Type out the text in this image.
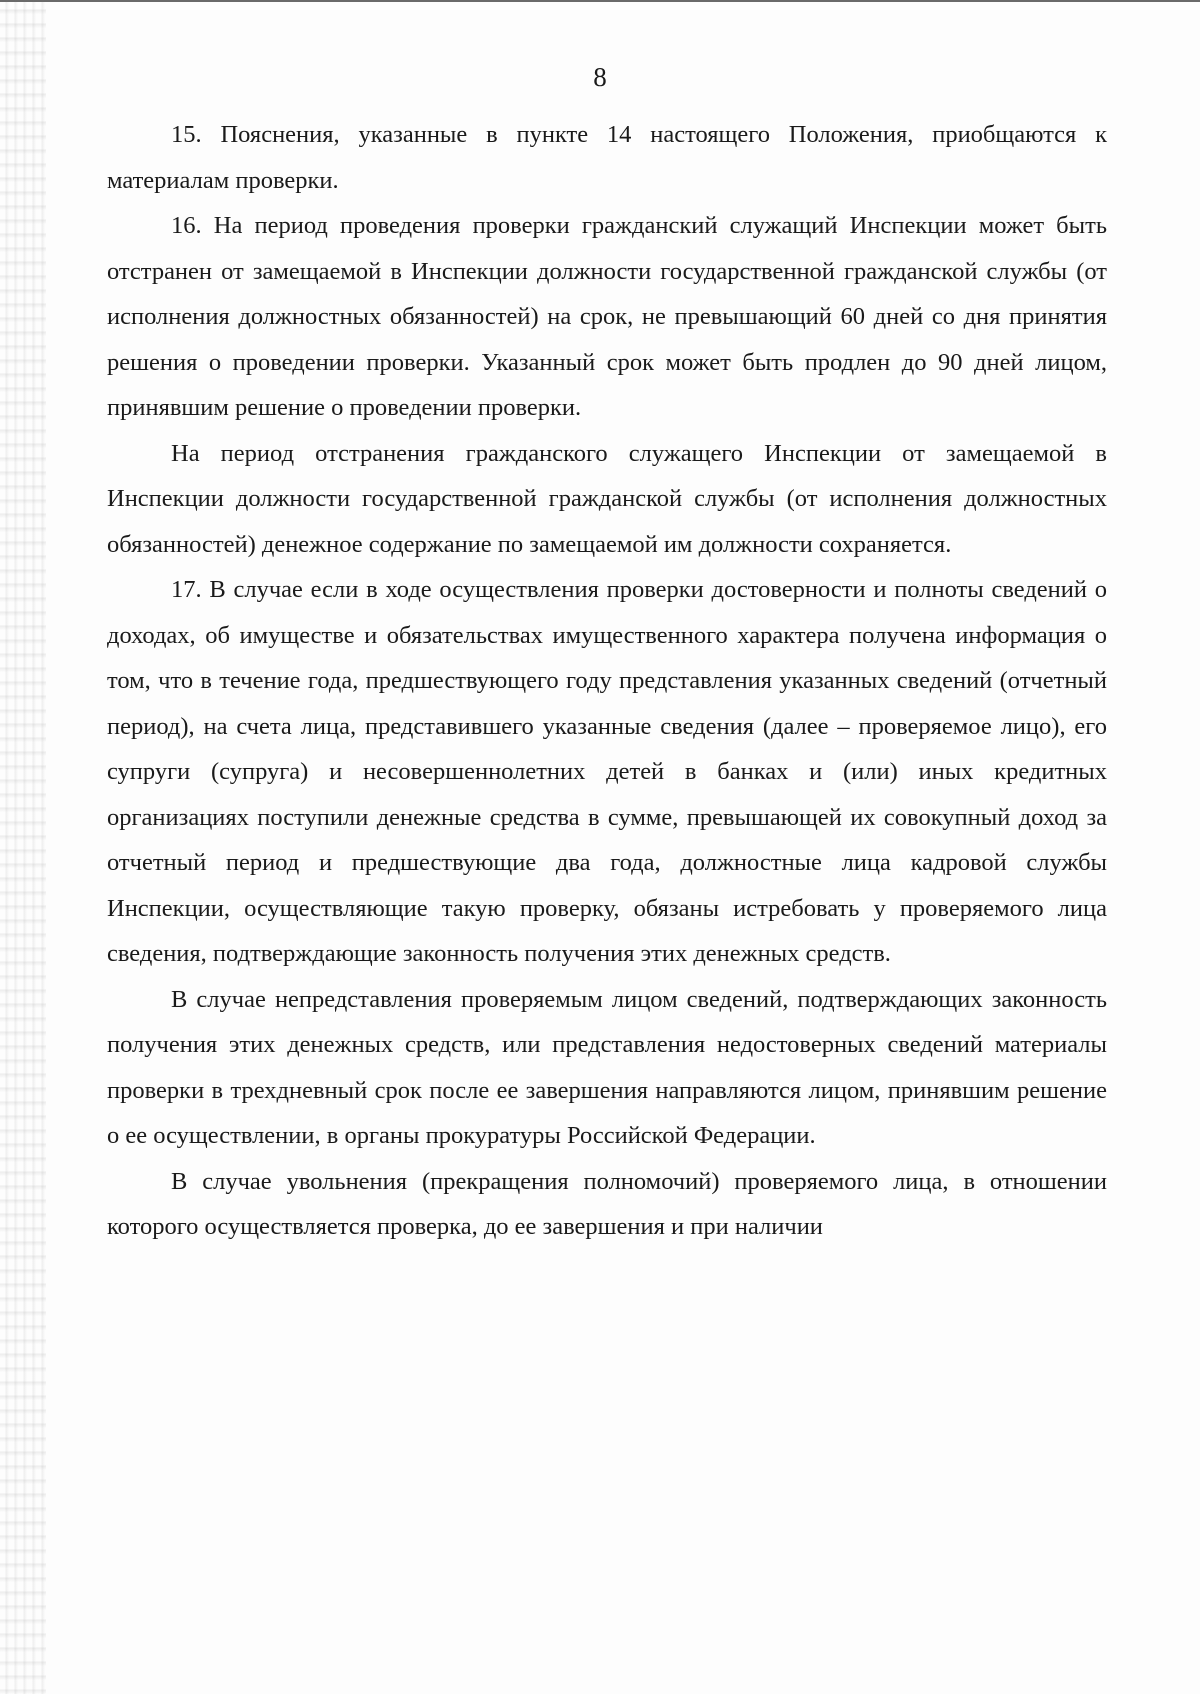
8

15. Пояснения, указанные в пункте 14 настоящего Положения, приобщаются к материалам проверки.

16. На период проведения проверки гражданский служащий Инспекции может быть отстранен от замещаемой в Инспекции должности государственной гражданской службы (от исполнения должностных обязанностей) на срок, не превышающий 60 дней со дня принятия решения о проведении проверки. Указанный срок может быть продлен до 90 дней лицом, принявшим решение о проведении проверки.

На период отстранения гражданского служащего Инспекции от замещаемой в Инспекции должности государственной гражданской службы (от исполнения должностных обязанностей) денежное содержание по замещаемой им должности сохраняется.

17. В случае если в ходе осуществления проверки достоверности и полноты сведений о доходах, об имуществе и обязательствах имущественного характера получена информация о том, что в течение года, предшествующего году представления указанных сведений (отчетный период), на счета лица, представившего указанные сведения (далее – проверяемое лицо), его супруги (супруга) и несовершеннолетних детей в банках и (или) иных кредитных организациях поступили денежные средства в сумме, превышающей их совокупный доход за отчетный период и предшествующие два года, должностные лица кадровой службы Инспекции, осуществляющие такую проверку, обязаны истребовать у проверяемого лица сведения, подтверждающие законность получения этих денежных средств.

В случае непредставления проверяемым лицом сведений, подтверждающих законность получения этих денежных средств, или представления недостоверных сведений материалы проверки в трехдневный срок после ее завершения направляются лицом, принявшим решение о ее осуществлении, в органы прокуратуры Российской Федерации.

В случае увольнения (прекращения полномочий) проверяемого лица, в отношении которого осуществляется проверка, до ее завершения и при наличии
